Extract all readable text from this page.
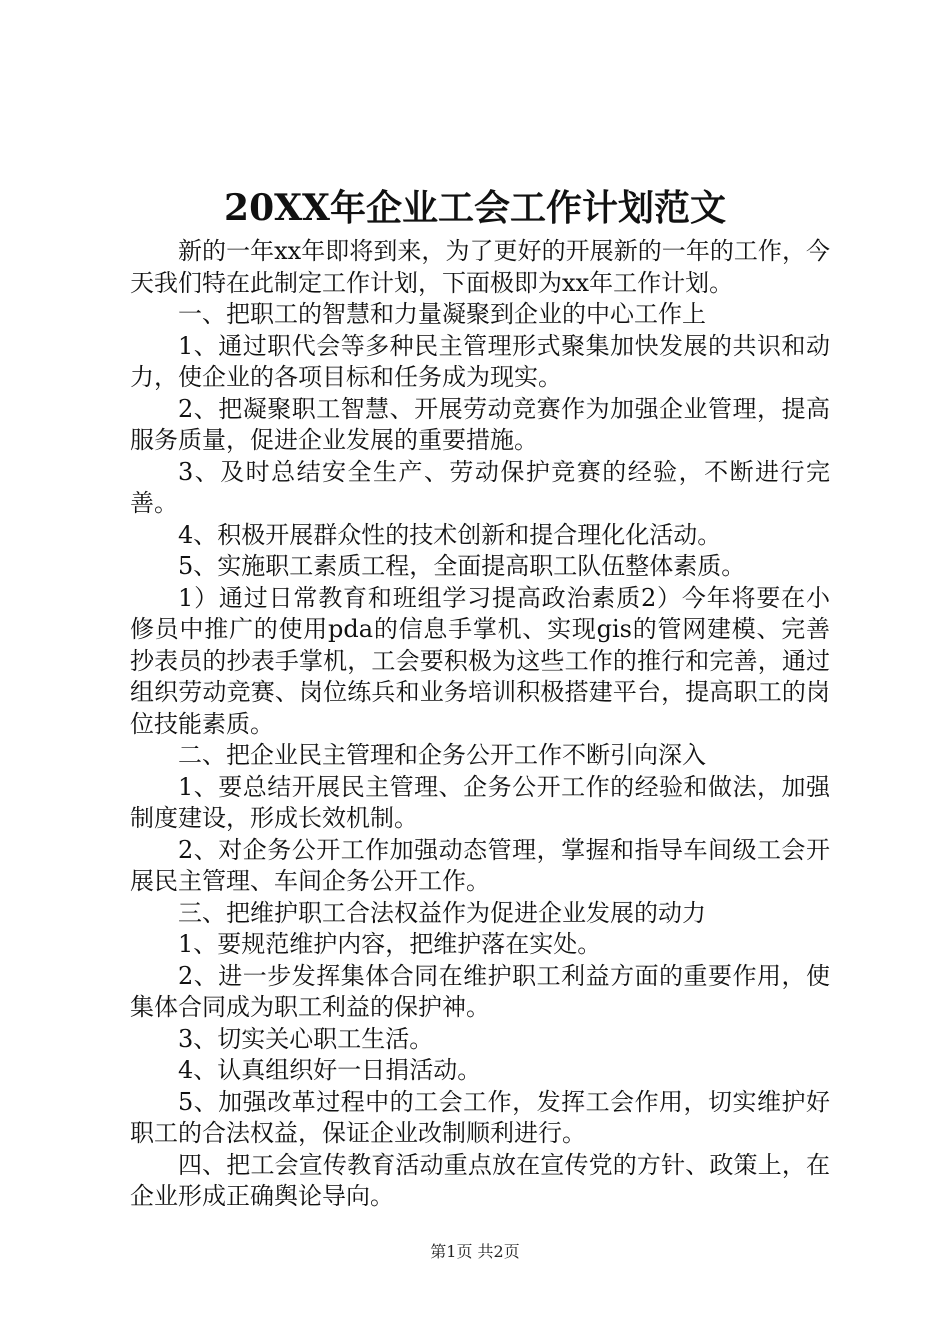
20XX年企业工会工作计划范文

新的一年xx年即将到来，为了更好的开展新的一年的工作，今天我们特在此制定工作计划，下面极即为xx年工作计划。

一、把职工的智慧和力量凝聚到企业的中心工作上

1、通过职代会等多种民主管理形式聚集加快发展的共识和动力，使企业的各项目标和任务成为现实。

2、把凝聚职工智慧、开展劳动竞赛作为加强企业管理，提高服务质量，促进企业发展的重要措施。

3、及时总结安全生产、劳动保护竞赛的经验，不断进行完善。

4、积极开展群众性的技术创新和提合理化化活动。

5、实施职工素质工程，全面提高职工队伍整体素质。

1）通过日常教育和班组学习提高政治素质2）今年将要在小修员中推广的使用pda的信息手掌机、实现gis的管网建模、完善抄表员的抄表手掌机，工会要积极为这些工作的推行和完善，通过组织劳动竞赛、岗位练兵和业务培训积极搭建平台，提高职工的岗位技能素质。

二、把企业民主管理和企务公开工作不断引向深入

1、要总结开展民主管理、企务公开工作的经验和做法，加强制度建设，形成长效机制。

2、对企务公开工作加强动态管理，掌握和指导车间级工会开展民主管理、车间企务公开工作。

三、把维护职工合法权益作为促进企业发展的动力

1、要规范维护内容，把维护落在实处。

2、进一步发挥集体合同在维护职工利益方面的重要作用，使集体合同成为职工利益的保护神。

3、切实关心职工生活。

4、认真组织好一日捐活动。

5、加强改革过程中的工会工作，发挥工会作用，切实维护好职工的合法权益，保证企业改制顺利进行。

四、把工会宣传教育活动重点放在宣传党的方针、政策上，在企业形成正确舆论导向。

第1页 共2页
